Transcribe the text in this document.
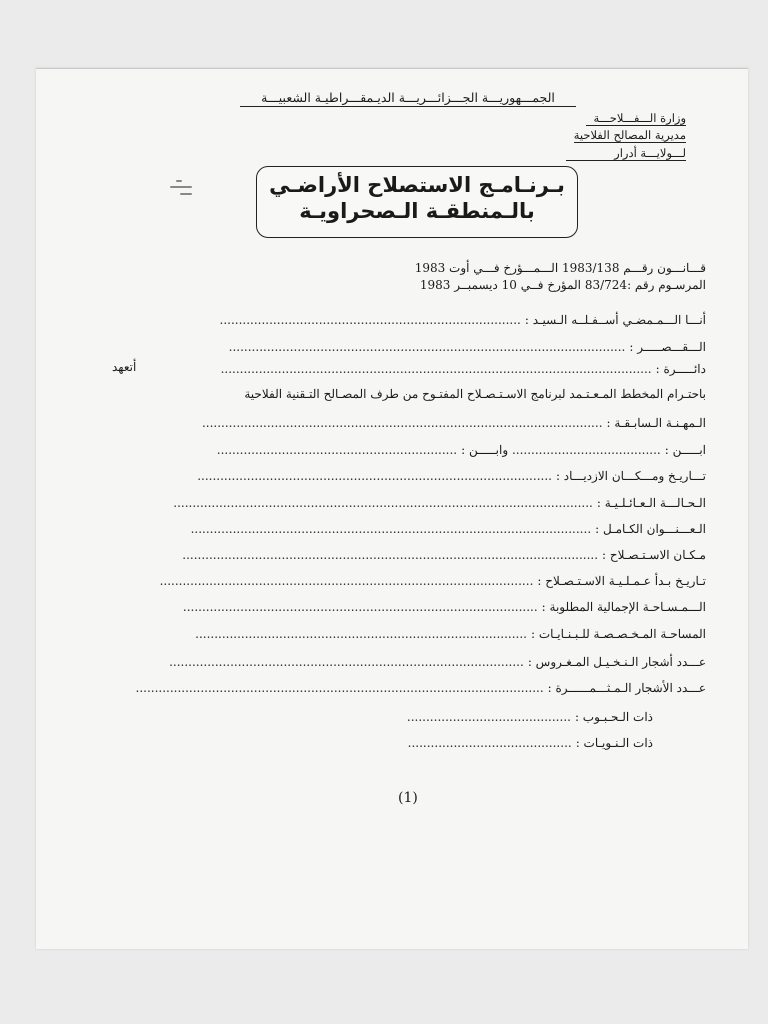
الجمـــهوريـــة الجـــزائـــريـــة الديـمقـــراطيـة الشعبيـــة
وزارة الـــفـــلاحـــة
مديرية المصالح الفلاحية
لـــولايـــة أدرار
بـرنـامـج الاستصلاح الأراضـي
بالـمنطقـة الـصحراويـة
قـــانـــون رقـــم 1983/138 الـــمـــؤرخ فـــي أوت 1983
المرسـوم رقم :83/724 المؤرخ فــي 10 ديسمبــر 1983
أنـــا الـــمـمضـي أســفـلــه الـسيـد :...............................................................................
الـــقـــصـــــر :........................................................................................................
دائـــــرة :.................................................................................................................
أتعهد
باحتـرام المخطط المـعـتـمد لبرنامج الاسـتـصـلاح المفتـوح من طرف المصـالح التـقنية الفلاحية
الـمهـنـة الـسابـقـة :.........................................................................................................
ابـــــن :....................................... وابـــــن :...............................................................
تـــاريـخ ومـــكـــان الازديـــاد :.............................................................................................
الـحـالـــة الـعـائـلـيـة :..............................................................................................................
الـعـــنـــوان الكـامـل :.........................................................................................................
مـكـان الاسـتـصـلاح :.............................................................................................................
تـاريـخ بـدأ عـمـلـيـة الاسـتـصـلاح :..................................................................................................
الـــمـسـاحـة الإجمالية المطلوبة :.............................................................................................
المساحـة المـخـصـصـة للـبـنـايـات :.......................................................................................
عـــدد أشجار الـنـخـيـل المـغـروس :.............................................................................................
عـــدد الأشجار الـمـثـــمــــــرة :...........................................................................................................
ذات الـحـبـوب :...........................................
ذات الـنـويـات :...........................................
(1)
